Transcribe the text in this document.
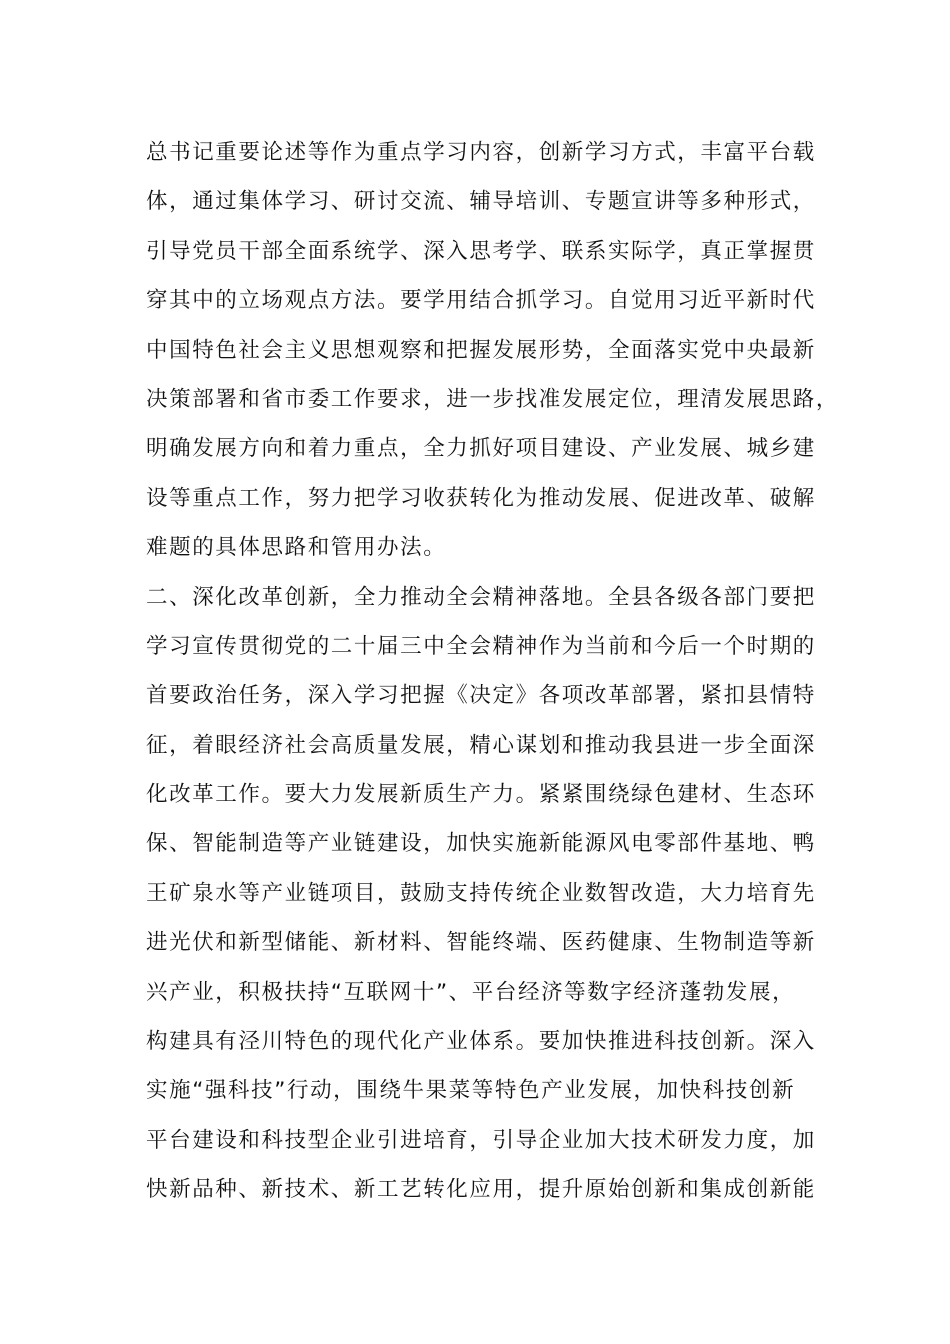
总书记重要论述等作为重点学习内容，创新学习方式，丰富平台载
体，通过集体学习、研讨交流、辅导培训、专题宣讲等多种形式，
引导党员干部全面系统学、深入思考学、联系实际学，真正掌握贯
穿其中的立场观点方法。要学用结合抓学习。自觉用习近平新时代
中国特色社会主义思想观察和把握发展形势，全面落实党中央最新
决策部署和省市委工作要求，进一步找准发展定位，理清发展思路，
明确发展方向和着力重点，全力抓好项目建设、产业发展、城乡建
设等重点工作，努力把学习收获转化为推动发展、促进改革、破解
难题的具体思路和管用办法。
二、深化改革创新，全力推动全会精神落地。全县各级各部门要把
学习宣传贯彻党的二十届三中全会精神作为当前和今后一个时期的
首要政治任务，深入学习把握《决定》各项改革部署，紧扣县情特
征，着眼经济社会高质量发展，精心谋划和推动我县进一步全面深
化改革工作。要大力发展新质生产力。紧紧围绕绿色建材、生态环
保、智能制造等产业链建设，加快实施新能源风电零部件基地、鸭
王矿泉水等产业链项目，鼓励支持传统企业数智改造，大力培育先
进光伏和新型储能、新材料、智能终端、医药健康、生物制造等新
兴产业，积极扶持“互联网十”、平台经济等数字经济蓬勃发展，
构建具有泾川特色的现代化产业体系。要加快推进科技创新。深入
实施“强科技”行动，围绕牛果菜等特色产业发展，加快科技创新
平台建设和科技型企业引进培育，引导企业加大技术研发力度，加
快新品种、新技术、新工艺转化应用，提升原始创新和集成创新能
